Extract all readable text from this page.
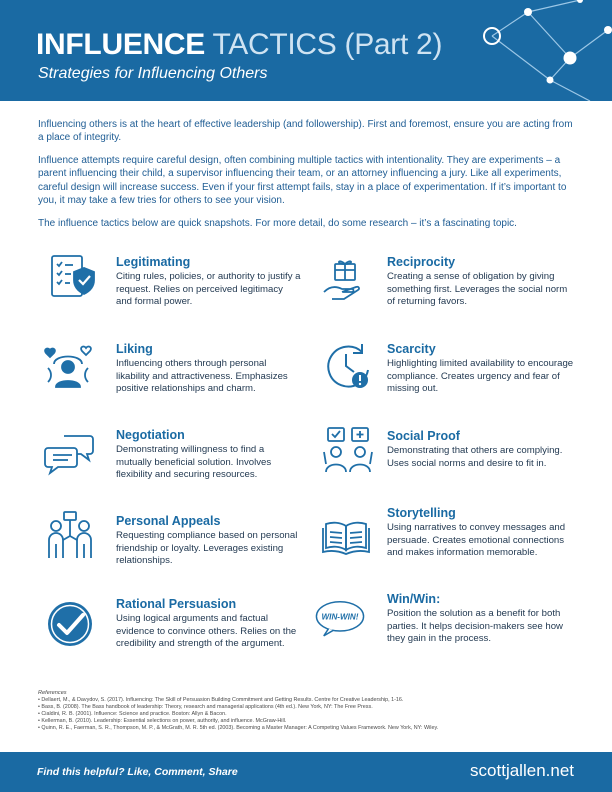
INFLUENCE TACTICS (Part 2)
Strategies for Influencing Others

Influencing others is at the heart of effective leadership (and followership). First and foremost, ensure you are acting from a place of integrity.

Influence attempts require careful design, often combining multiple tactics with intentionality. They are experiments – a parent influencing their child, a supervisor influencing their team, or an attorney influencing a jury. Like all experiments, careful design will increase success. Even if your first attempt fails, stay in a place of experimentation. If it’s important to you, it may take a few tries for others to see your vision.

The influence tactics below are quick snapshots. For more detail, do some research – it’s a fascinating topic.

Legitimating
Citing rules, policies, or authority to justify a request. Relies on perceived legitimacy and formal power.
Reciprocity
Creating a sense of obligation by giving something first. Leverages the social norm of returning favors.
Liking
Influencing others through personal likability and attractiveness. Emphasizes positive relationships and charm.
Scarcity
Highlighting limited availability to encourage compliance. Creates urgency and fear of missing out.
Negotiation
Demonstrating willingness to find a mutually beneficial solution. Involves flexibility and securing resources.
Social Proof
Demonstrating that others are complying. Uses social norms and desire to fit in.
Personal Appeals
Requesting compliance based on personal friendship or loyalty. Leverages existing relationships.
Storytelling
Using narratives to convey messages and persuade. Creates emotional connections and makes information memorable.
Rational Persuasion
Using logical arguments and factual evidence to convince others. Relies on the credibility and strength of the argument.
WIN-WIN!
Win/Win:
Position the solution as a benefit for both parties. It helps decision-makers see how they gain in the process.
References
• Dellaert, M., & Davydov, S. (2017). Influencing: The Skill of Persuasion Building Commitment and Getting Results. Centre for Creative Leadership, 1-16.
• Bass, B. (2008). The Bass handbook of leadership: Theory, research and managerial applications (4th ed.). New York, NY: The Free Press.
• Cialdini, R. B. (2001). Influence: Science and practice. Boston: Allyn & Bacon.
• Kellerman, B. (2010). Leadership: Essential selections on power, authority, and influence. McGraw-Hill.
• Quinn, R. E., Faerman, S. R., Thompson, M. P., & McGrath, M. R. 5th ed. (2003). Becoming a Master Manager: A Competing Values Framework. New York, NY: Wiley.
Find this helpful? Like, Comment, Share	scottjallen.net
